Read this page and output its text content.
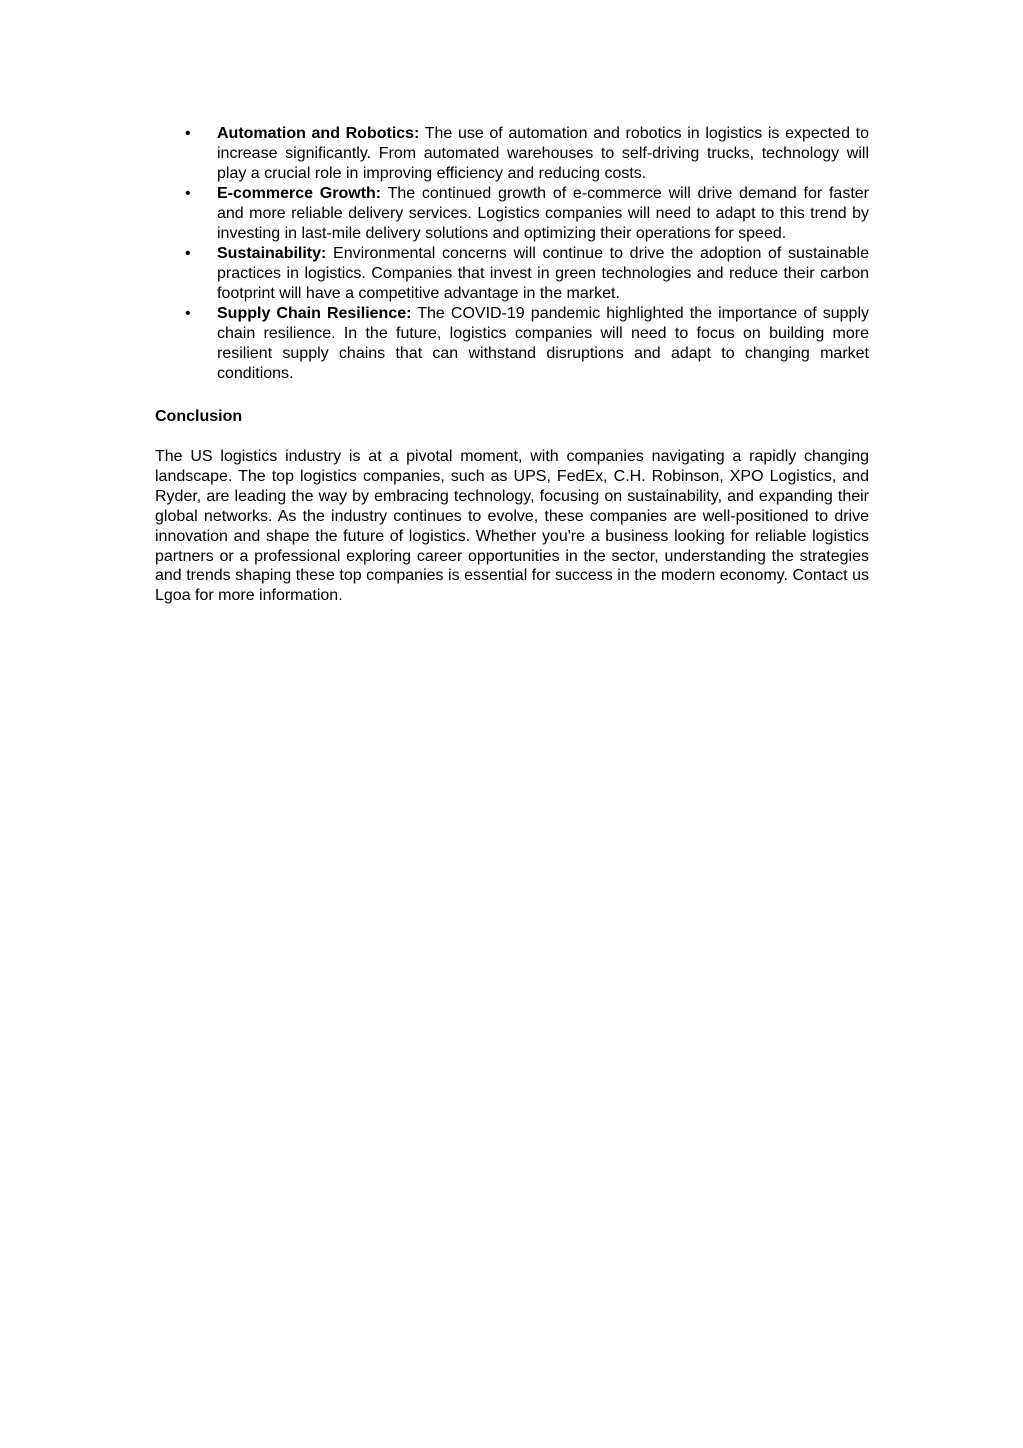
• Automation and Robotics: The use of automation and robotics in logistics is expected to increase significantly. From automated warehouses to self-driving trucks, technology will play a crucial role in improving efficiency and reducing costs.
• E-commerce Growth: The continued growth of e-commerce will drive demand for faster and more reliable delivery services. Logistics companies will need to adapt to this trend by investing in last-mile delivery solutions and optimizing their operations for speed.
• Sustainability: Environmental concerns will continue to drive the adoption of sustainable practices in logistics. Companies that invest in green technologies and reduce their carbon footprint will have a competitive advantage in the market.
• Supply Chain Resilience: The COVID-19 pandemic highlighted the importance of supply chain resilience. In the future, logistics companies will need to focus on building more resilient supply chains that can withstand disruptions and adapt to changing market conditions.
Conclusion

The US logistics industry is at a pivotal moment, with companies navigating a rapidly changing landscape. The top logistics companies, such as UPS, FedEx, C.H. Robinson, XPO Logistics, and Ryder, are leading the way by embracing technology, focusing on sustainability, and expanding their global networks. As the industry continues to evolve, these companies are well-positioned to drive innovation and shape the future of logistics. Whether you're a business looking for reliable logistics partners or a professional exploring career opportunities in the sector, understanding the strategies and trends shaping these top companies is essential for success in the modern economy. Contact us Lgoa for more information.
